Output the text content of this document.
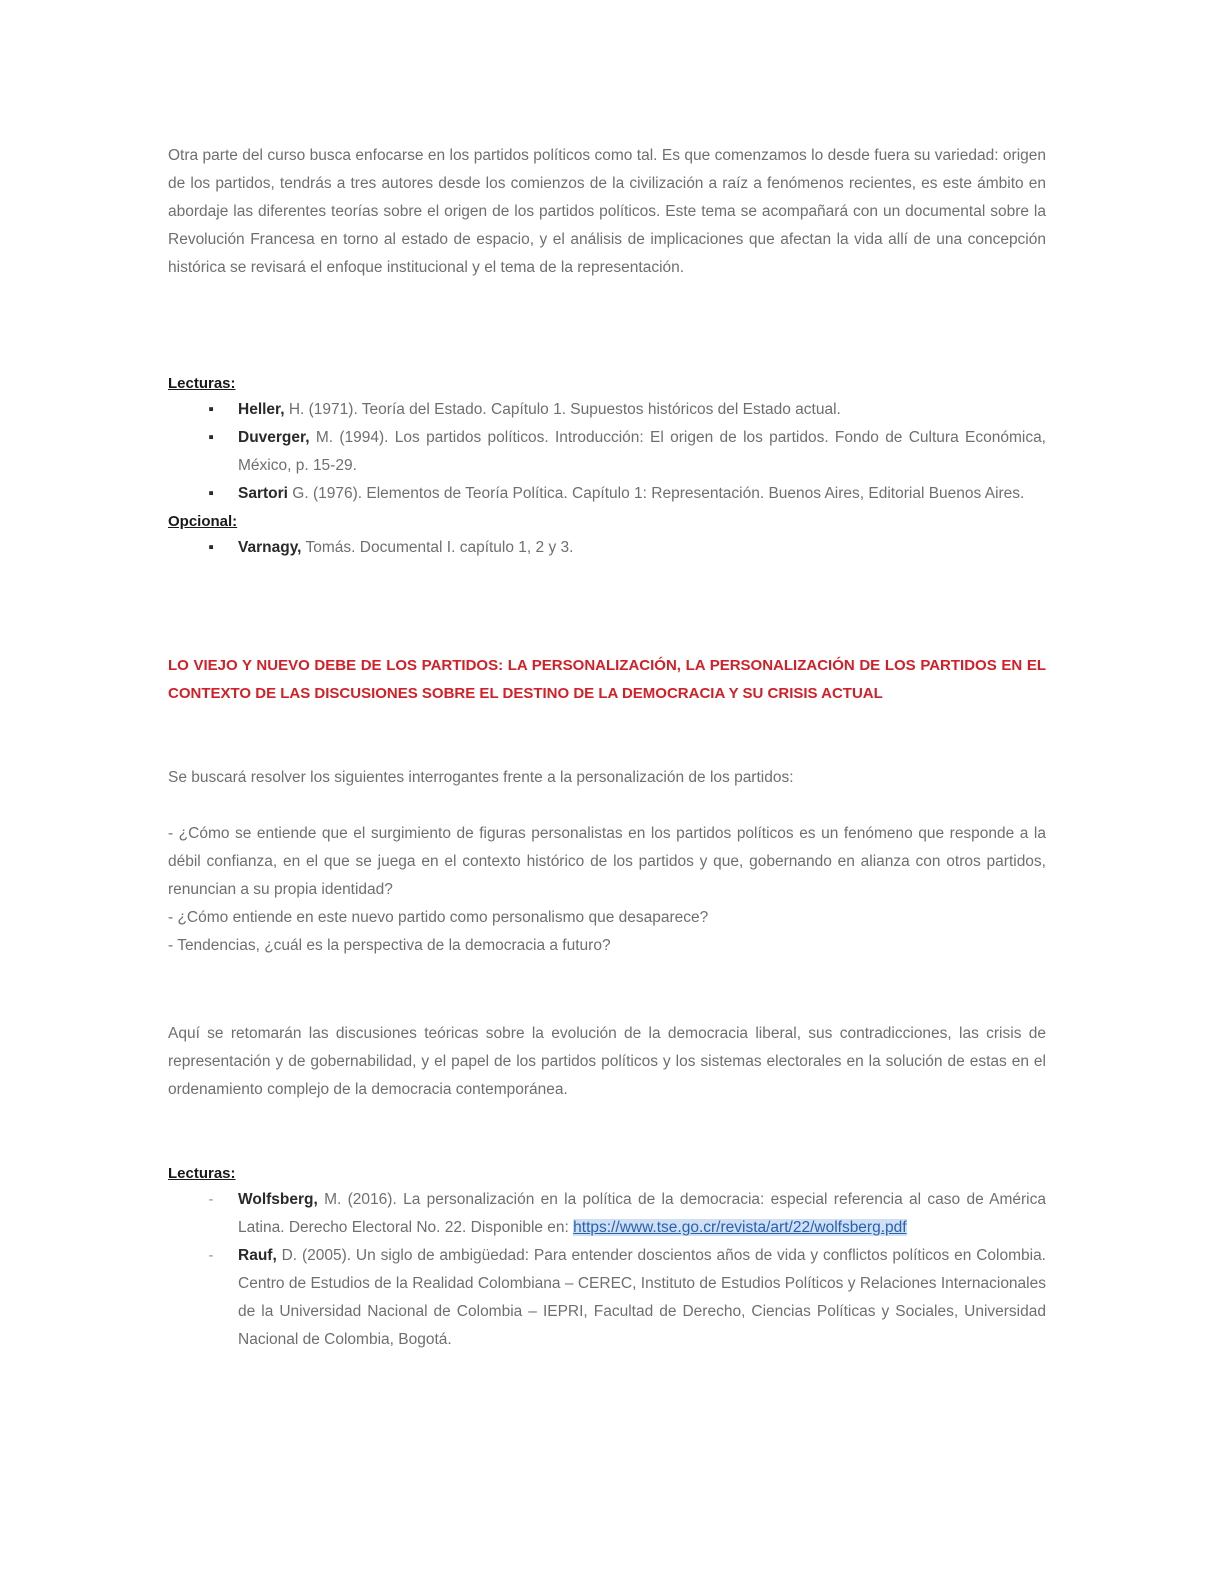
Otra parte del curso busca enfocarse en los partidos políticos como tal. Es que comenzamos lo desde fuera su variedad: origen de los partidos, tendrás a tres autores desde los comienzos de la civilización a raíz a fenómenos recientes, es este ámbito en abordaje las diferentes teorías sobre el origen de los partidos políticos. Este tema se acompañará con un documental sobre la Revolución Francesa en torno al estado de espacio, y el análisis de implicaciones que afectan la vida allí de una concepción histórica se revisará el enfoque institucional y el tema de la representación.

Lecturas:

▪ Heller, H. (1971). Teoría del Estado. Capítulo 1. Supuestos históricos del Estado actual.
▪ Duverger, M. (1994). Los partidos políticos. Introducción: El origen de los partidos. Fondo de Cultura Económica, México, p. 15-29.
▪ Sartori G. (1976). Elementos de Teoría Política. Capítulo 1: Representación. Buenos Aires, Editorial Buenos Aires.

Opcional:

▪ Varnagy, Tomás. Documental I. capítulo 1, 2 y 3.

LO VIEJO Y NUEVO DEBE DE LOS PARTIDOS: LA PERSONALIZACIÓN, LA PERSONALIZACIÓN DE LOS PARTIDOS EN EL CONTEXTO DE LAS DISCUSIONES SOBRE EL DESTINO DE LA DEMOCRACIA Y SU CRISIS ACTUAL

Se buscará resolver los siguientes interrogantes frente a la personalización de los partidos:

- ¿Cómo se entiende que el surgimiento de figuras personalistas en los partidos políticos es un fenómeno que responde a la débil confianza, en el que se juega en el contexto histórico de los partidos y que, gobernando en alianza con otros partidos, renuncian a su propia identidad?

- ¿Cómo entiende en este nuevo partido como personalismo que desaparece?

- Tendencias, ¿cuál es la perspectiva de la democracia a futuro?

Aquí se retomarán las discusiones teóricas sobre la evolución de la democracia liberal, sus contradicciones, las crisis de representación y de gobernabilidad, y el papel de los partidos políticos y los sistemas electorales en la solución de estas en el ordenamiento complejo de la democracia contemporánea.

Lecturas:

- Wolfsberg, M. (2016). La personalización en la política de la democracia: especial referencia al caso de América Latina. Derecho Electoral No. 22. Disponible en: https://www.tse.go.cr/revista/art/22/wolfsberg.pdf
- Rauf, D. (2005). Un siglo de ambigüedad: Para entender doscientos años de vida y conflictos políticos en Colombia. Centro de Estudios de la Realidad Colombiana – CEREC, Instituto de Estudios Políticos y Relaciones Internacionales de la Universidad Nacional de Colombia – IEPRI, Facultad de Derecho, Ciencias Políticas y Sociales, Universidad Nacional de Colombia, Bogotá.
